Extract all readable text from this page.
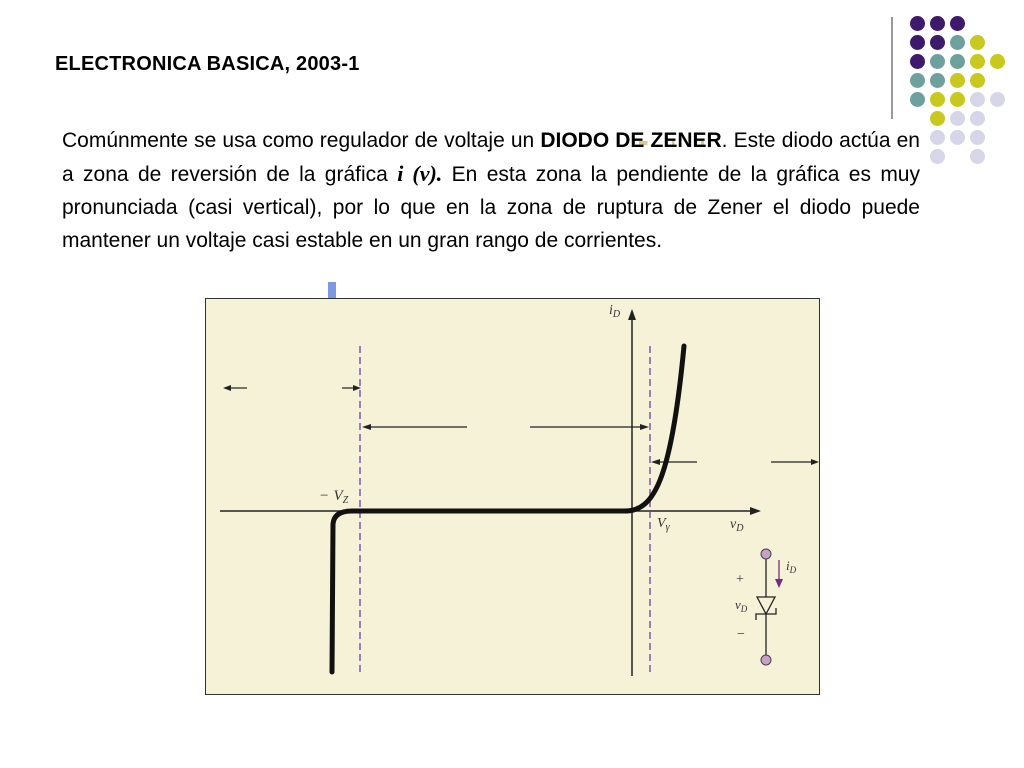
ELECTRONICA BASICA, 2003-1
Comúnmente se usa como regulador de voltaje un DIODO DE ZENER. Este diodo actúa en a zona de reversión de la gráfica i (v). En esta zona la pendiente de la gráfica es muy pronunciada (casi vertical), por lo que en la zona de ruptura de Zener el diodo puede mantener un voltaje casi estable en un gran rango de corrientes.
$i_D$
$v_D$
− $V_Z$
$V_\gamma$
$i_D$
+
$v_D$
−
